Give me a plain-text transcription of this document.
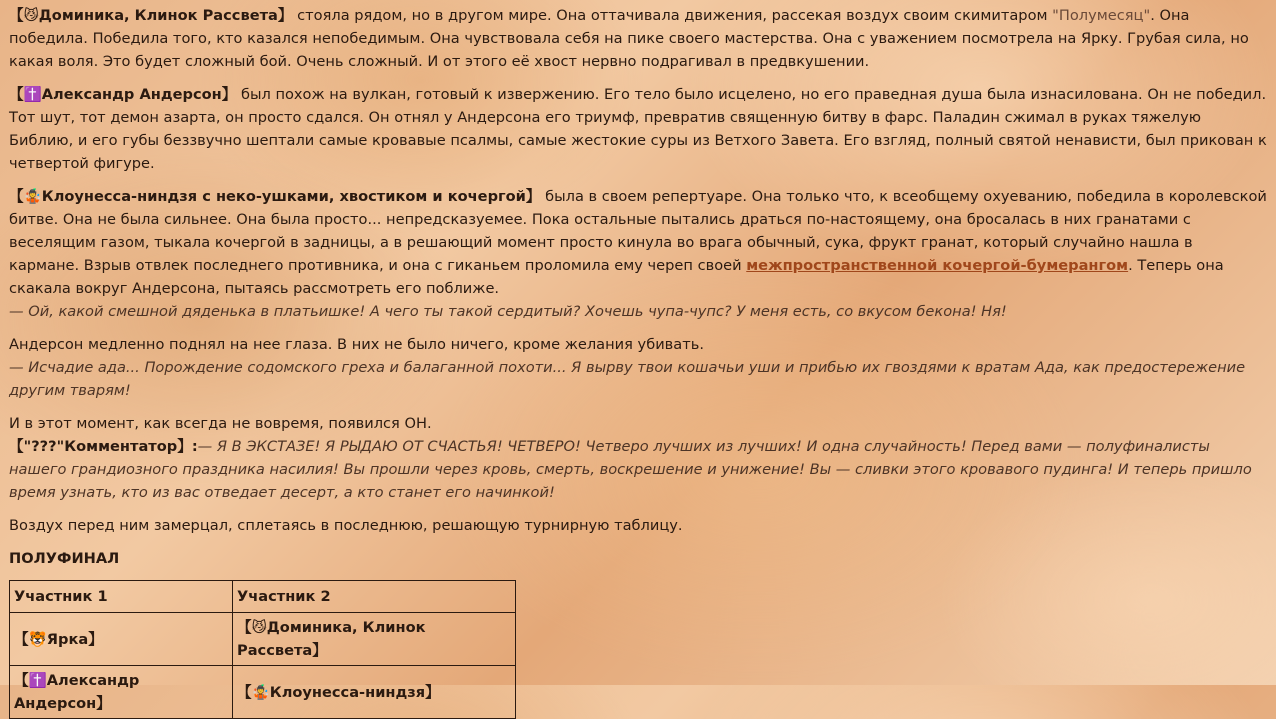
【😼Доминика, Клинок Рассвета】 стояла рядом, но в другом мире. Она оттачивала движения, рассекая воздух своим скимитаром "Полумесяц". Она победила. Победила того, кто казался непобедимым. Она чувствовала себя на пике своего мастерства. Она с уважением посмотрела на Ярку. Грубая сила, но какая воля. Это будет сложный бой. Очень сложный. И от этого её хвост нервно подрагивал в предвкушении.

【✝️Александр Андерсон】 был похож на вулкан, готовый к извержению. Его тело было исцелено, но его праведная душа была изнасилована. Он не победил. Тот шут, тот демон азарта, он просто сдался. Он отнял у Андерсона его триумф, превратив священную битву в фарс. Паладин сжимал в руках тяжелую Библию, и его губы беззвучно шептали самые кровавые псалмы, самые жестокие суры из Ветхого Завета. Его взгляд, полный святой ненависти, был прикован к четвертой фигуре.

【🤹Клоунесса-ниндзя с неко-ушками, хвостиком и кочергой】 была в своем репертуаре. Она только что, к всеобщему охуеванию, победила в королевской битве. Она не была сильнее. Она была просто... непредсказуемее. Пока остальные пытались драться по-настоящему, она бросалась в них гранатами с веселящим газом, тыкала кочергой в задницы, а в решающий момент просто кинула во врага обычный, сука, фрукт гранат, который случайно нашла в кармане. Взрыв отвлек последнего противника, и она с гиканьем проломила ему череп своей межпространственной кочергой-бумерангом. Теперь она скакала вокруг Андерсона, пытаясь рассмотреть его поближе.
— Ой, какой смешной дяденька в платьишке! А чего ты такой сердитый? Хочешь чупа-чупс? У меня есть, со вкусом бекона! Ня!

Андерсон медленно поднял на нее глаза. В них не было ничего, кроме желания убивать.
— Исчадие ада... Порождение содомского греха и балаганной похоти... Я вырву твои кошачьи уши и прибью их гвоздями к вратам Ада, как предостережение другим тварям!

И в этот момент, как всегда не вовремя, появился ОН.
【"???"Комментатор】:— Я В ЭКСТАЗЕ! Я РЫДАЮ ОТ СЧАСТЬЯ! ЧЕТВЕРО! Четверо лучших из лучших! И одна случайность! Перед вами — полуфиналисты нашего грандиозного праздника насилия! Вы прошли через кровь, смерть, воскрешение и унижение! Вы — сливки этого кровавого пудинга! И теперь пришло время узнать, кто из вас отведает десерт, а кто станет его начинкой!

Воздух перед ним замерцал, сплетаясь в последнюю, решающую турнирную таблицу.

ПОЛУФИНАЛ
Участник 1	Участник 2
【🐯Ярка】	【😼Доминика, Клинок Рассвета】
【✝️Александр Андерсон】	【🤹Клоунесса-ниндзя】
